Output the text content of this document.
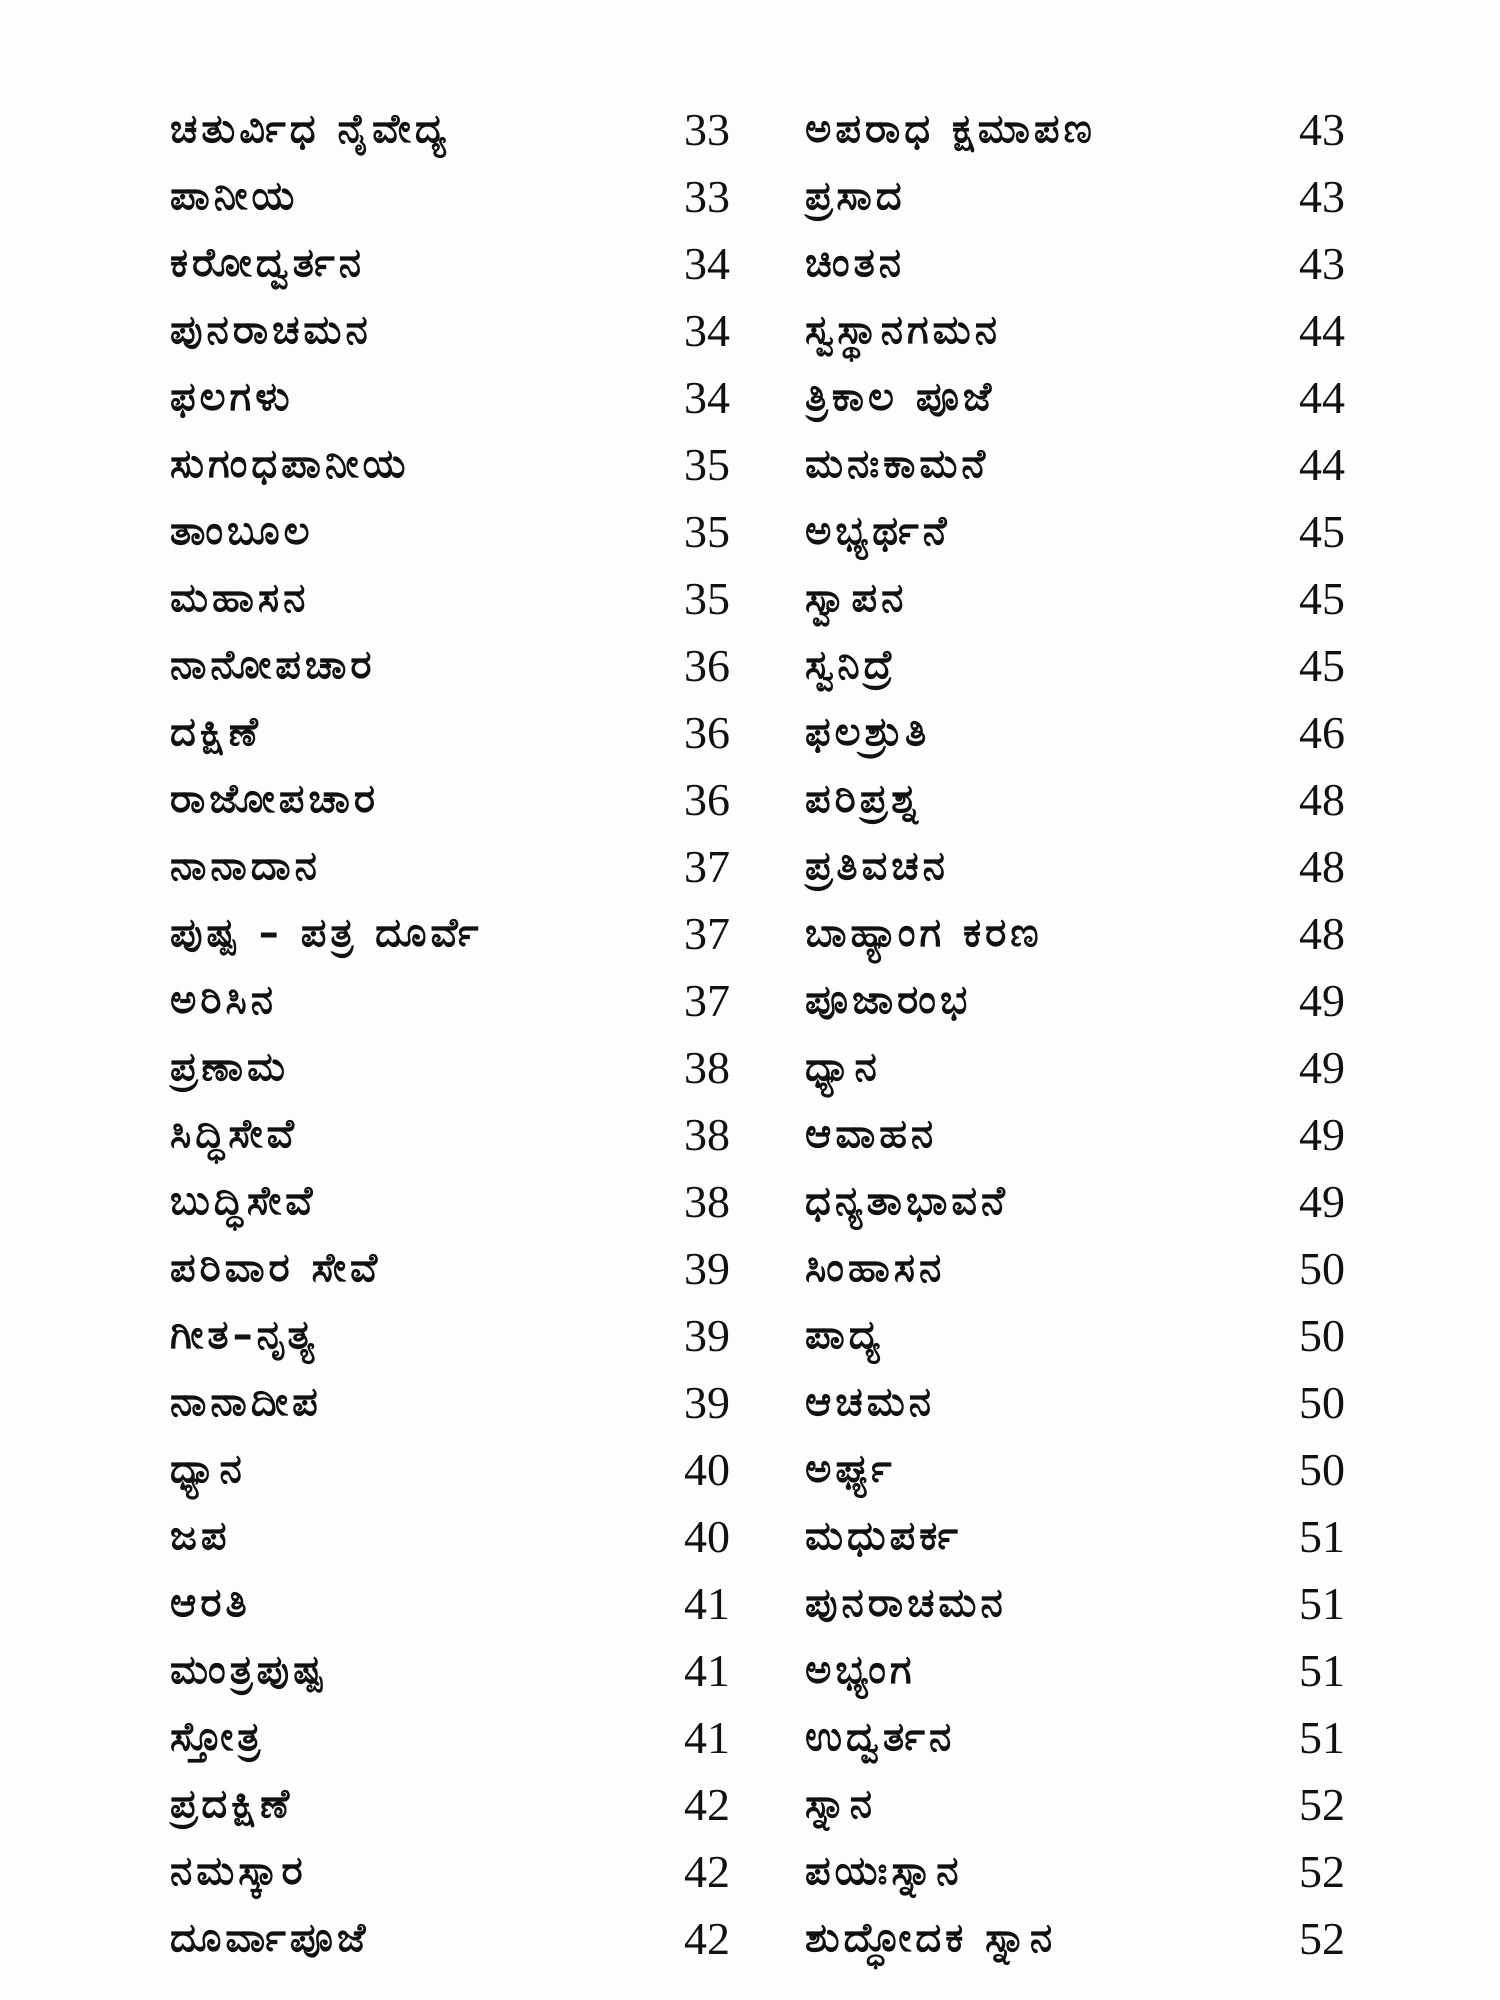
ಚತುರ್ವಿಧ ನೈವೇದ್ಯ	33
ಪಾನೀಯ	33
ಕರೋದ್ವರ್ತನ	34
ಪುನರಾಚಮನ	34
ಫಲಗಳು	34
ಸುಗಂಧಪಾನೀಯ	35
ತಾಂಬೂಲ	35
ಮಹಾಸನ	35
ನಾನೋಪಚಾರ	36
ದಕ್ಷಿಣೆ	36
ರಾಜೋಪಚಾರ	36
ನಾನಾದಾನ	37
ಪುಷ್ಪ – ಪತ್ರ ದೂರ್ವೆ	37
ಅರಿಸಿನ	37
ಪ್ರಣಾಮ	38
ಸಿದ್ಧಿಸೇವೆ	38
ಬುದ್ಧಿಸೇವೆ	38
ಪರಿವಾರ ಸೇವೆ	39
ಗೀತ–ನೃತ್ಯ	39
ನಾನಾದೀಪ	39
ಧ್ಯಾನ	40
ಜಪ	40
ಆರತಿ	41
ಮಂತ್ರಪುಷ್ಪ	41
ಸ್ತೋತ್ರ	41
ಪ್ರದಕ್ಷಿಣೆ	42
ನಮಸ್ಕಾರ	42
ದೂರ್ವಾಪೂಜೆ	42
ಅಪರಾಧ ಕ್ಷಮಾಪಣ	43
ಪ್ರಸಾದ	43
ಚಿಂತನ	43
ಸ್ವಸ್ಥಾನಗಮನ	44
ತ್ರಿಕಾಲ ಪೂಜೆ	44
ಮನಃಕಾಮನೆ	44
ಅಭ್ಯರ್ಥನೆ	45
ಸ್ವಾಪನ	45
ಸ್ವನಿದ್ರೆ	45
ಫಲಶ್ರುತಿ	46
ಪರಿಪ್ರಶ್ನ	48
ಪ್ರತಿವಚನ	48
ಬಾಹ್ಯಾಂಗ ಕರಣ	48
ಪೂಜಾರಂಭ	49
ಧ್ಯಾನ	49
ಆವಾಹನ	49
ಧನ್ಯತಾಭಾವನೆ	49
ಸಿಂಹಾಸನ	50
ಪಾದ್ಯ	50
ಆಚಮನ	50
ಅರ್ಘ್ಯ	50
ಮಧುಪರ್ಕ	51
ಪುನರಾಚಮನ	51
ಅಭ್ಯಂಗ	51
ಉದ್ವರ್ತನ	51
ಸ್ನಾನ	52
ಪಯಃಸ್ನಾನ	52
ಶುದ್ಧೋದಕ ಸ್ನಾನ	52
